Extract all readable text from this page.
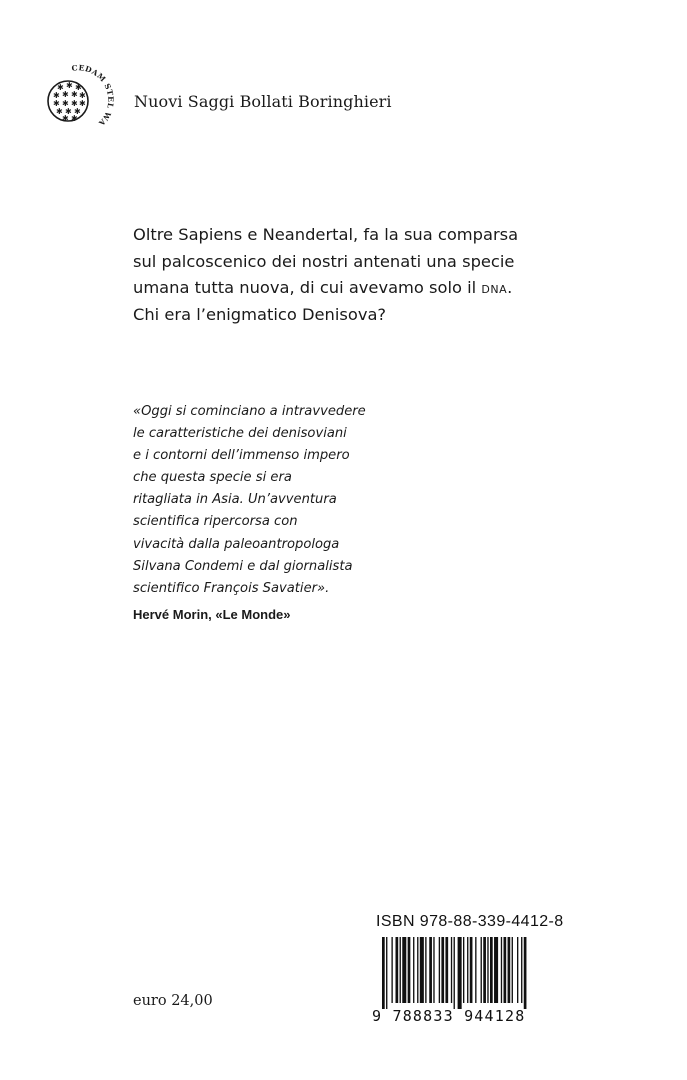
✱ ✱ ✱
✱ ✱ ✱ ✱
✱ ✱ ✱ ✱
✱ ✱ ✱
✱ ✱
CEDAM STEL WA
Nuovi Saggi Bollati Boringhieri
Oltre Sapiens e Neandertal, fa la sua comparsa
sul palcoscenico dei nostri antenati una specie
umana tutta nuova, di cui avevamo solo il dna.
Chi era l’enigmatico Denisova?
«Oggi si cominciano a intravvedere
le caratteristiche dei denisoviani
e i contorni dell’immenso impero
che questa specie si era
ritagliata in Asia. Un’avventura
scientifica ripercorsa con
vivacità dalla paleoantropologa
Silvana Condemi e dal giornalista
scientifico François Savatier».
Hervé Morin, «Le Monde»
euro 24,00
ISBN 978-88-339-4412-8
9 788833 944128
